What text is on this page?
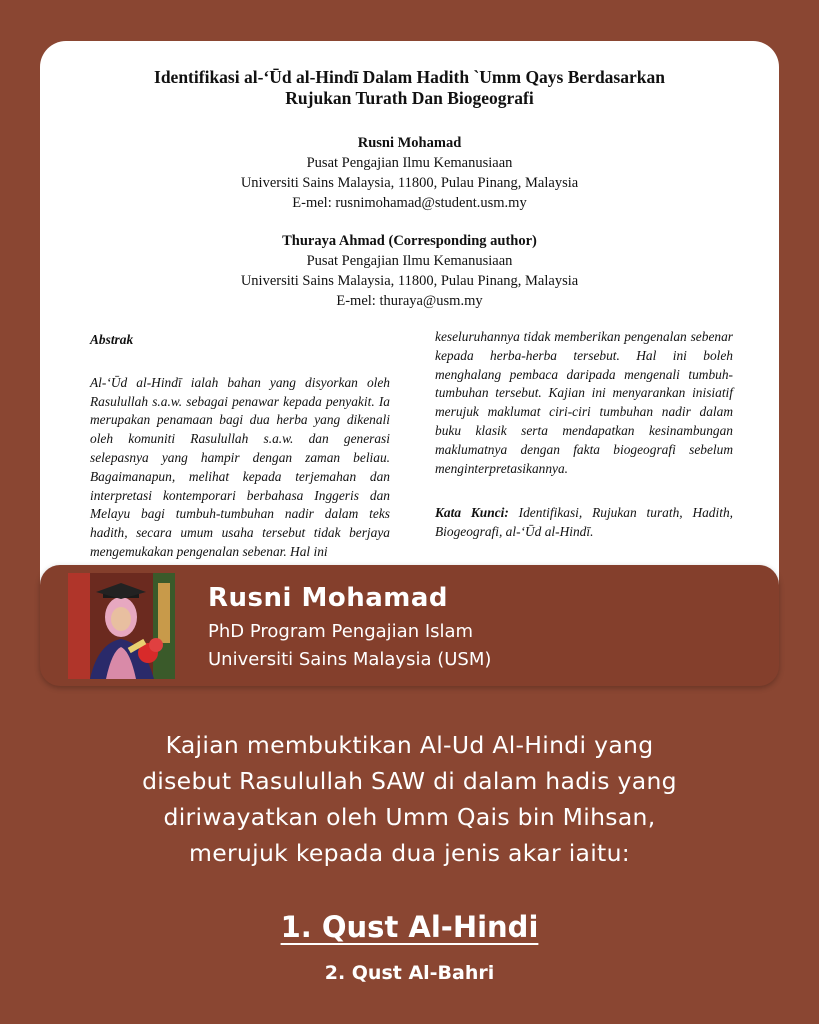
Identifikasi al-‘Ūd al-Hindī Dalam Hadith `Umm Qays Berdasarkan
Rujukan Turath Dan Biogeografi
Rusni Mohamad
Pusat Pengajian Ilmu Kemanusiaan
Universiti Sains Malaysia, 11800, Pulau Pinang, Malaysia
E-mel: rusnimohamad@student.usm.my
Thuraya Ahmad (Corresponding author)
Pusat Pengajian Ilmu Kemanusiaan
Universiti Sains Malaysia, 11800, Pulau Pinang, Malaysia
E-mel: thuraya@usm.my
Abstrak

Al-‘Ūd al-Hindī ialah bahan yang disyorkan oleh Rasulullah s.a.w. sebagai penawar kepada penyakit. Ia merupakan penamaan bagi dua herba yang dikenali oleh komuniti Rasulullah s.a.w. dan generasi selepasnya yang hampir dengan zaman beliau. Bagaimanapun, melihat kepada terjemahan dan interpretasi kontemporari berbahasa Inggeris dan Melayu bagi tumbuh-tumbuhan nadir dalam teks hadith, secara umum usaha tersebut tidak berjaya mengemukakan pengenalan sebenar. Hal ini

keseluruhannya tidak memberikan pengenalan sebenar kepada herba-herba tersebut. Hal ini boleh menghalang pembaca daripada mengenali tumbuh-tumbuhan tersebut. Kajian ini menyarankan inisiatif merujuk maklumat ciri-ciri tumbuhan nadir dalam buku klasik serta mendapatkan kesinambungan maklumatnya dengan fakta biogeografi sebelum menginterpretasikannya.

Kata Kunci: Identifikasi, Rujukan turath, Hadith, Biogeografi, al-‘Ūd al-Hindī.

Rusni Mohamad
PhD Program Pengajian Islam
Universiti Sains Malaysia (USM)
Kajian membuktikan Al-Ud Al-Hindi yang
disebut Rasulullah SAW di dalam hadis yang
diriwayatkan oleh Umm Qais bin Mihsan,
merujuk kepada dua jenis akar iaitu:
1. Qust Al-Hindi
2. Qust Al-Bahri
